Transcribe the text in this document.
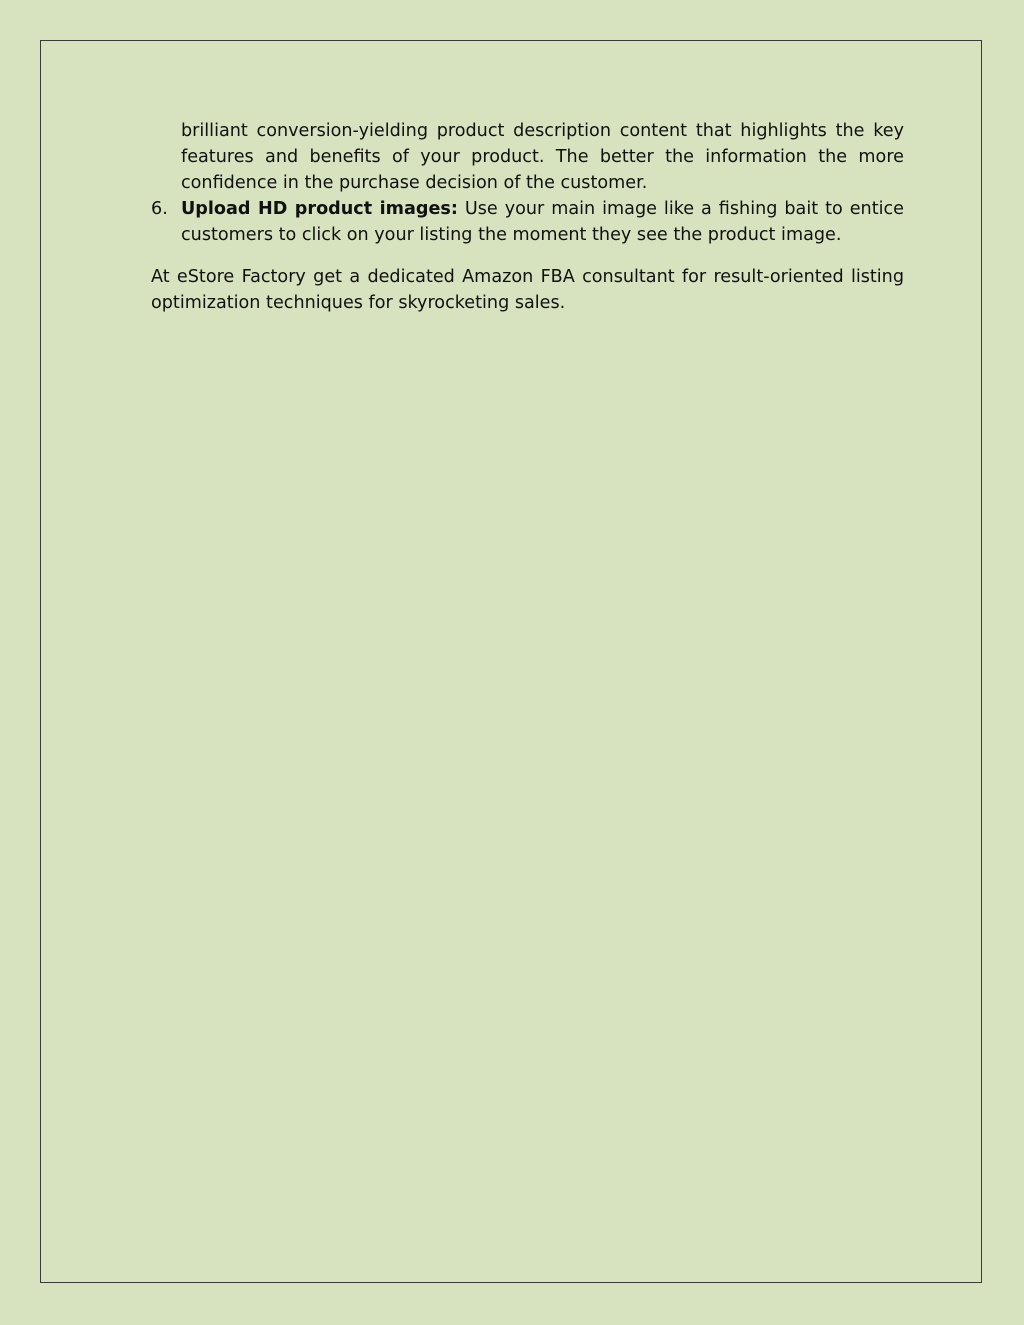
brilliant conversion-yielding product description content that highlights the key features and benefits of your product. The better the information the more confidence in the purchase decision of the customer.

6. Upload HD product images: Use your main image like a fishing bait to entice customers to click on your listing the moment they see the product image.

At eStore Factory get a dedicated Amazon FBA consultant for result-oriented listing optimization techniques for skyrocketing sales.
